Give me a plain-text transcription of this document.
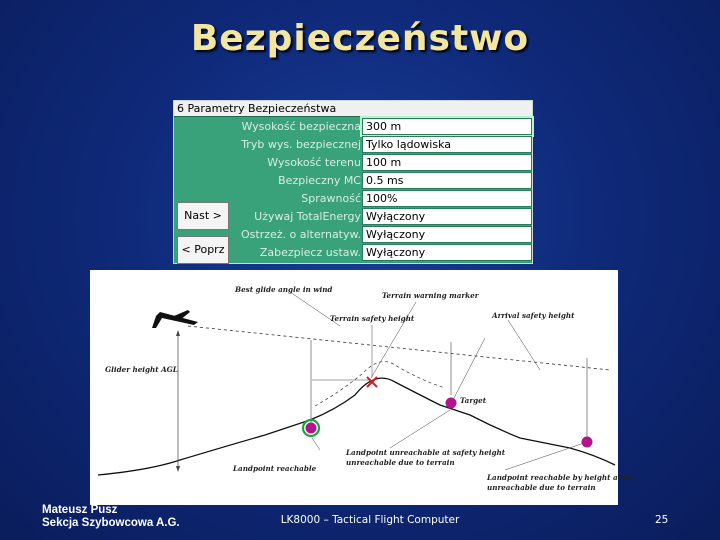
Bezpieczeństwo
6 Parametry Bezpieczeństwa
Wysokość bezpieczna 300 m
Tryb wys. bezpiecznej Tylko lądowiska
Wysokość terenu 100 m
Bezpieczny MC 0.5 ms
Sprawność 100%
Używaj TotalEnergy Wyłączony
Ostrzeż. o alternatyw. Wyłączony
Zabezpiecz ustaw. Wyłączony
Nast >
< Poprz
Best glide angle in wind
Terrain warning marker
Terrain safety height	Arrival safety height
Glider height AGL
Target
Landpoint reachable
Landpoint unreachable at safety height
unreachable due to terrain
Landpoint reachable by height alone
unreachable due to terrain
Mateusz Pusz
Sekcja Szybowcowa A.G.	LK8000 – Tactical Flight Computer	25
